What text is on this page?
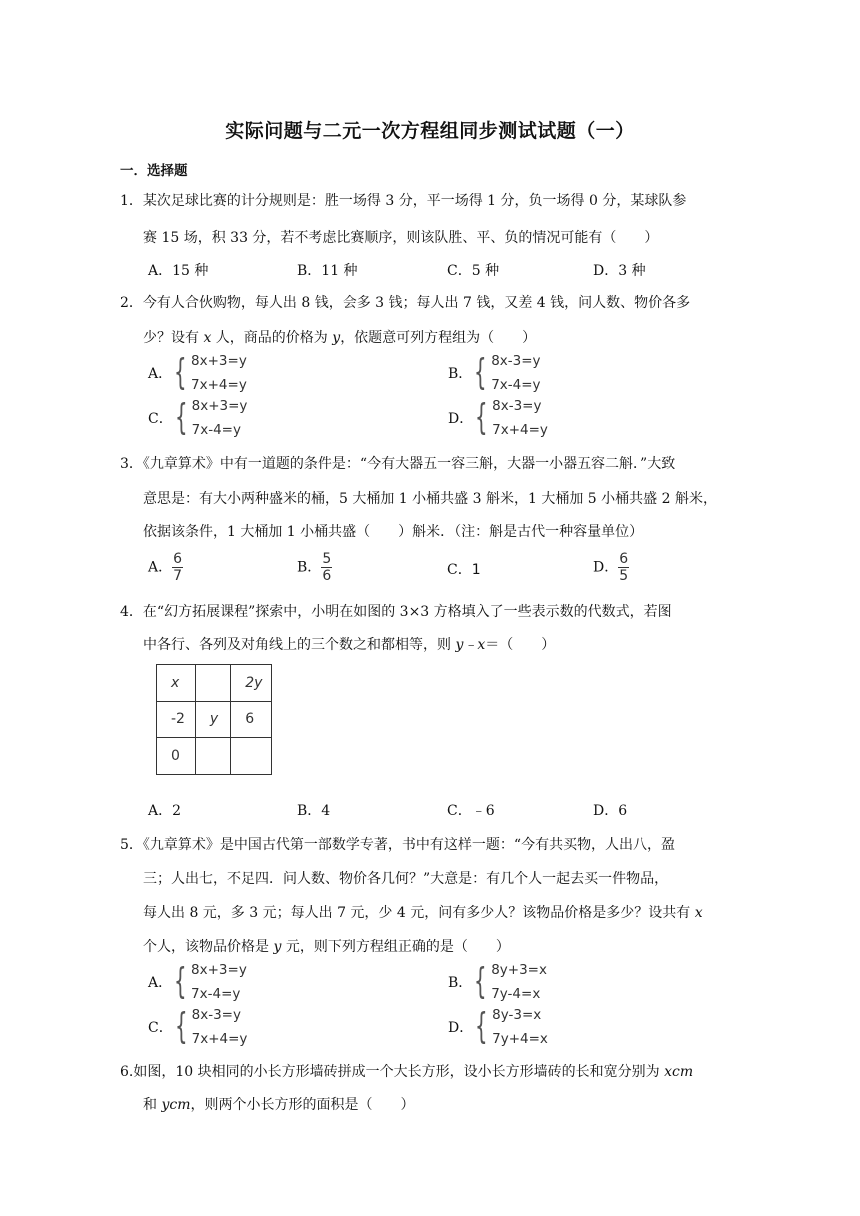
实际问题与二元一次方程组同步测试试题（一）
一．选择题
1．某次足球比赛的计分规则是：胜一场得 3 分，平一场得 1 分，负一场得 0 分，某球队参
赛 15 场，积 33 分，若不考虑比赛顺序，则该队胜、平、负的情况可能有（　　）
A．15 种	B．11 种	C．5 种	D．3 种
2．今有人合伙购物，每人出 8 钱，会多 3 钱；每人出 7 钱，又差 4 钱，问人数、物价各多
少？设有 x 人，商品的价格为 y，依题意可列方程组为（　　）
A． { 8x+3=y
7x+4=y
B． { 8x-3=y
7x-4=y
C． { 8x+3=y
7x-4=y
D． { 8x-3=y
7x+4=y
3．《九章算术》中有一道题的条件是：“今有大器五一容三斛，大器一小器五容二斛．”大致
意思是：有大小两种盛米的桶，5 大桶加 1 小桶共盛 3 斛米，1 大桶加 5 小桶共盛 2 斛米，
依据该条件，1 大桶加 1 小桶共盛（　　）斛米．（注：斛是古代一种容量单位）
A． $\frac{6}{7}$	B． $\frac{5}{6}$	C．1	D． $\frac{6}{5}$
4．在“幻方拓展课程”探索中，小明在如图的 3×3 方格填入了一些表示数的代数式，若图
中各行、各列及对角线上的三个数之和都相等，则 y﹣x＝（　　）
x		2y
-2	y	6
0		
A．2	B．4	C．﹣6	D．6
5．《九章算术》是中国古代第一部数学专著，书中有这样一题：“今有共买物，人出八，盈
三；人出七，不足四．问人数、物价各几何？”大意是：有几个人一起去买一件物品，
每人出 8 元，多 3 元；每人出 7 元，少 4 元，问有多少人？该物品价格是多少？设共有 x
个人，该物品价格是 y 元，则下列方程组正确的是（　　）
A． { 8x+3=y
7x-4=y
B． { 8y+3=x
7y-4=x
C． { 8x-3=y
7x+4=y
D． { 8y-3=x
7y+4=x
6.如图，10 块相同的小长方形墙砖拼成一个大长方形，设小长方形墙砖的长和宽分别为 xcm
和 ycm，则两个小长方形的面积是（　　）
